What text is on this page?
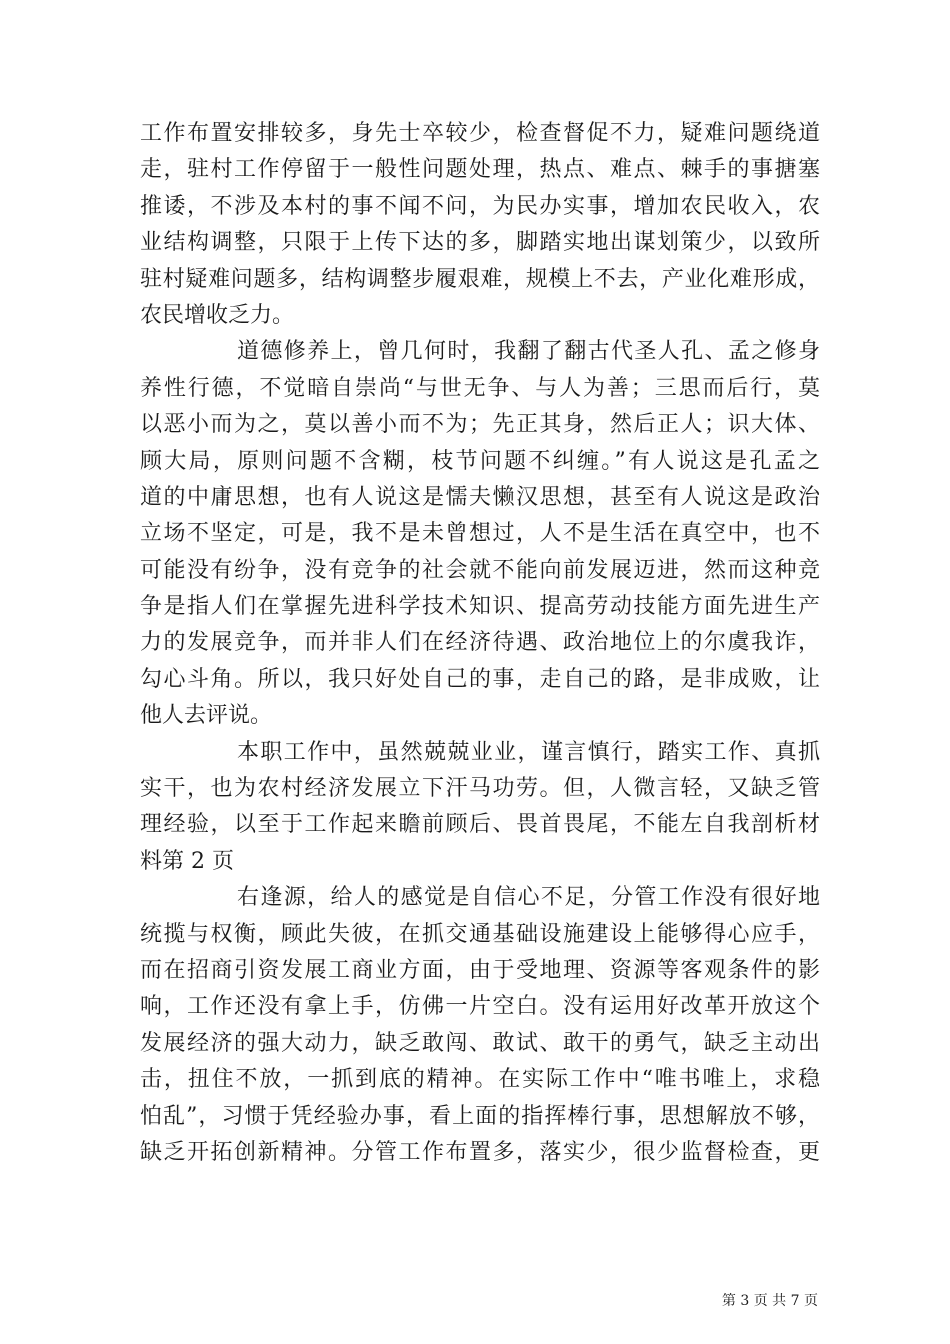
工作布置安排较多，身先士卒较少，检查督促不力，疑难问题绕道
走，驻村工作停留于一般性问题处理，热点、难点、棘手的事搪塞
推诿，不涉及本村的事不闻不问，为民办实事，增加农民收入，农
业结构调整，只限于上传下达的多，脚踏实地出谋划策少，以致所
驻村疑难问题多，结构调整步履艰难，规模上不去，产业化难形成，
农民增收乏力。

道德修养上，曾几何时，我翻了翻古代圣人孔、孟之修身
养性行德，不觉暗自崇尚“与世无争、与人为善；三思而后行，莫
以恶小而为之，莫以善小而不为；先正其身，然后正人；识大体、
顾大局，原则问题不含糊，枝节问题不纠缠。”有人说这是孔孟之
道的中庸思想，也有人说这是懦夫懒汉思想，甚至有人说这是政治
立场不坚定，可是，我不是未曾想过，人不是生活在真空中，也不
可能没有纷争，没有竞争的社会就不能向前发展迈进，然而这种竞
争是指人们在掌握先进科学技术知识、提高劳动技能方面先进生产
力的发展竞争，而并非人们在经济待遇、政治地位上的尔虞我诈，
勾心斗角。所以，我只好处自己的事，走自己的路，是非成败，让
他人去评说。

本职工作中，虽然兢兢业业，谨言慎行，踏实工作、真抓
实干，也为农村经济发展立下汗马功劳。但，人微言轻，又缺乏管
理经验，以至于工作起来瞻前顾后、畏首畏尾，不能左自我剖析材
料第 2 页

右逢源，给人的感觉是自信心不足，分管工作没有很好地
统揽与权衡，顾此失彼，在抓交通基础设施建设上能够得心应手，
而在招商引资发展工商业方面，由于受地理、资源等客观条件的影
响，工作还没有拿上手，仿佛一片空白。没有运用好改革开放这个
发展经济的强大动力，缺乏敢闯、敢试、敢干的勇气，缺乏主动出
击，扭住不放，一抓到底的精神。在实际工作中“唯书唯上，求稳
怕乱”，习惯于凭经验办事，看上面的指挥棒行事，思想解放不够，
缺乏开拓创新精神。分管工作布置多，落实少，很少监督检查，更

第 3 页 共 7 页
